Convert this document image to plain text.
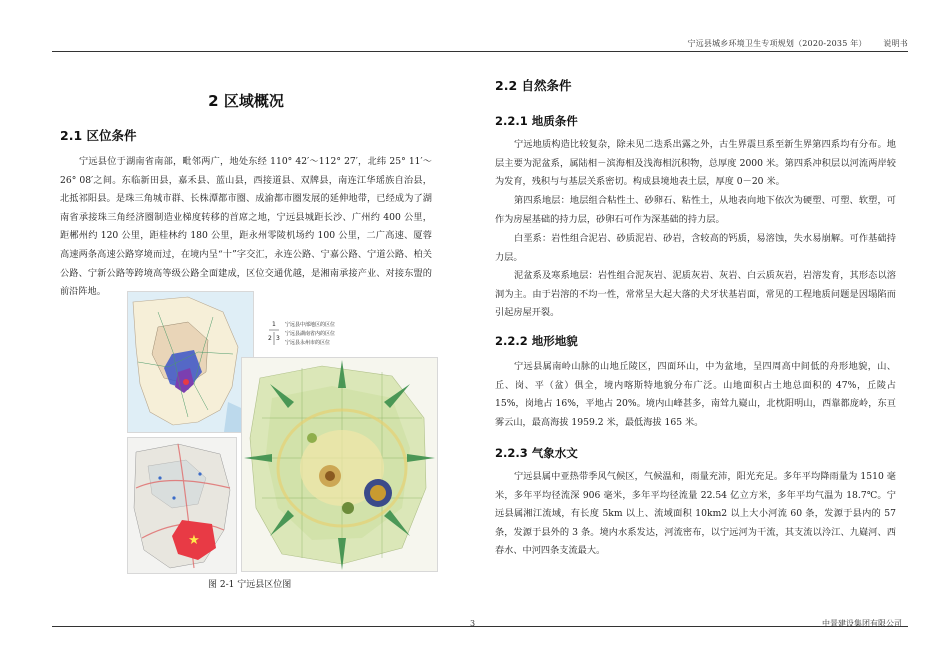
宁远县城乡环境卫生专项规划（2020-2035 年） 说明书
2 区域概况
2.1 区位条件

宁远县位于湖南省南部，毗邻两广，地处东经 110° 42′～112° 27′，北纬 25° 11′～26° 08′之间。东临新田县，嘉禾县、蓝山县，西接道县、双牌县，南连江华瑶族自治县，北抵祁阳县。是珠三角城市群、长株潭都市圈、成渝都市圈发展的延伸地带，已经成为了湖南省承接珠三角经济圈制造业梯度转移的首席之地，宁远县城距长沙、广州约 400 公里，距郴州约 120 公里，距桂林约 180 公里，距永州零陵机场约 100 公里，二广高速、厦蓉高速两条高速公路穿境而过，在境内呈“十”字交汇，永连公路、宁嘉公路、宁道公路、柏关公路、宁新公路等跨境高等级公路全面建成，区位交通优越，是湘南承接产业、对接东盟的前沿阵地。

1
2 3
宁远县中部地区的区位
宁远县湖南省内的区位
宁远县永州市的区位
★
图 2-1 宁远县区位图
2.2 自然条件
2.2.1 地质条件

宁远地质构造比较复杂，除未见二迭系出露之外，古生界震旦系至新生界第四系均有分布。地层主要为泥盆系，属陆相－滨海相及浅海相沉积物，总厚度 2000 米。第四系冲积层以河流两岸较为发育，残积与与基层关系密切。构成县境地表土层，厚度 0－20 米。

第四系地层：地层组合粘性土、砂卵石、粘性土，从地表向地下依次为硬塑、可塑、软塑，可作为房屋基础的持力层，砂卵石可作为深基础的持力层。

白垩系：岩性组合泥岩、砂质泥岩、砂岩，含较高的钙质，易溶蚀，失水易崩解。可作基础持力层。

泥盆系及寒系地层：岩性组合泥灰岩、泥质灰岩、灰岩、白云质灰岩，岩溶发育，其形态以溶洞为主。由于岩溶的不均一性，常常呈大起大落的犬牙状基岩面，常见的工程地质问题是因塌陷而引起房屋开裂。

2.2.2 地形地貌

宁远县属南岭山脉的山地丘陵区，四面环山，中为盆地，呈四周高中间低的舟形地貌，山、丘、岗、平（盆）俱全，境内喀斯特地貌分布广泛。山地面积占土地总面积的 47%，丘陵占 15%，岗地占 16%，平地占 20%。境内山峰甚多，南耸九嶷山，北枕阳明山，西靠都庞岭，东亘雾云山，最高海拔 1959.2 米，最低海拔 165 米。

2.2.3 气象水文

宁远县属中亚热带季风气候区，气候温和，雨量充沛，阳光充足。多年平均降雨量为 1510 毫米，多年平均径流深 906 毫米，多年平均径流量 22.54 亿立方米，多年平均气温为 18.7℃。宁远县属湘江流域，有长度 5km 以上、流域面积 10km2 以上大小河流 60 条，发源于县内的 57 条，发源于县外的 3 条。境内水系发达，河流密布，以宁远河为干流，其支流以泠江、九嶷河、西春水、中河四条支流最大。

3	中景建设集团有限公司
